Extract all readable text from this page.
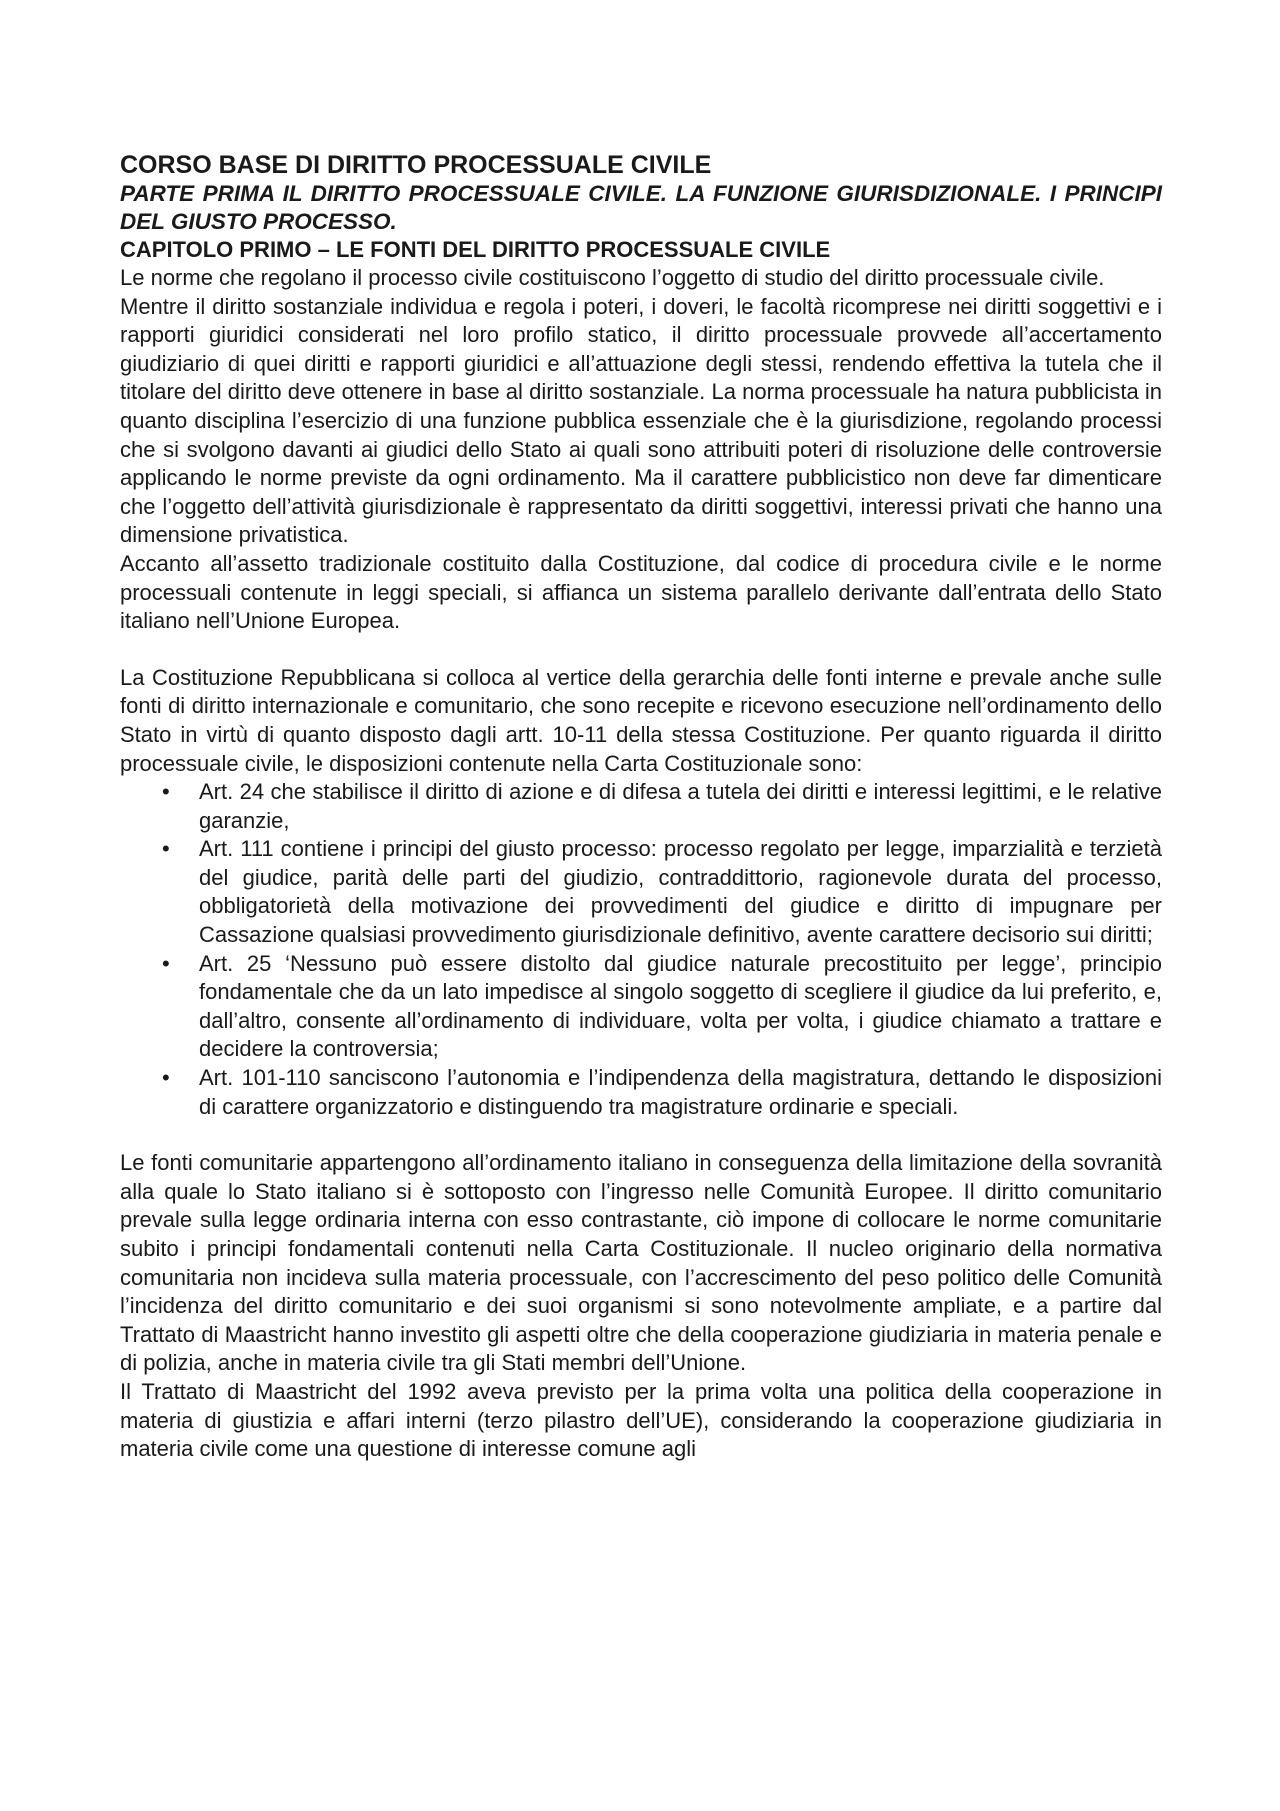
CORSO BASE DI DIRITTO PROCESSUALE CIVILE
PARTE PRIMA IL DIRITTO PROCESSUALE CIVILE. LA FUNZIONE GIURISDIZIONALE. I PRINCIPI DEL GIUSTO PROCESSO.
CAPITOLO PRIMO – LE FONTI DEL DIRITTO PROCESSUALE CIVILE

Le norme che regolano il processo civile costituiscono l’oggetto di studio del diritto processuale civile.

Mentre il diritto sostanziale individua e regola i poteri, i doveri, le facoltà ricomprese nei diritti soggettivi e i rapporti giuridici considerati nel loro profilo statico, il diritto processuale provvede all’accertamento giudiziario di quei diritti e rapporti giuridici e all’attuazione degli stessi, rendendo effettiva la tutela che il titolare del diritto deve ottenere in base al diritto sostanziale. La norma processuale ha natura pubblicista in quanto disciplina l’esercizio di una funzione pubblica essenziale che è la giurisdizione, regolando processi che si svolgono davanti ai giudici dello Stato ai quali sono attribuiti poteri di risoluzione delle controversie applicando le norme previste da ogni ordinamento. Ma il carattere pubblicistico non deve far dimenticare che l’oggetto dell’attività giurisdizionale è rappresentato da diritti soggettivi, interessi privati che hanno una dimensione privatistica.

Accanto all’assetto tradizionale costituito dalla Costituzione, dal codice di procedura civile e le norme processuali contenute in leggi speciali, si affianca un sistema parallelo derivante dall’entrata dello Stato italiano nell’Unione Europea.

La Costituzione Repubblicana si colloca al vertice della gerarchia delle fonti interne e prevale anche sulle fonti di diritto internazionale e comunitario, che sono recepite e ricevono esecuzione nell’ordinamento dello Stato in virtù di quanto disposto dagli artt. 10-11 della stessa Costituzione. Per quanto riguarda il diritto processuale civile, le disposizioni contenute nella Carta Costituzionale sono:

• Art. 24 che stabilisce il diritto di azione e di difesa a tutela dei diritti e interessi legittimi, e le relative garanzie,
• Art. 111 contiene i principi del giusto processo: processo regolato per legge, imparzialità e terzietà del giudice, parità delle parti del giudizio, contraddittorio, ragionevole durata del processo, obbligatorietà della motivazione dei provvedimenti del giudice e diritto di impugnare per Cassazione qualsiasi provvedimento giurisdizionale definitivo, avente carattere decisorio sui diritti;
• Art. 25 ‘Nessuno può essere distolto dal giudice naturale precostituito per legge’, principio fondamentale che da un lato impedisce al singolo soggetto di scegliere il giudice da lui preferito, e, dall’altro, consente all’ordinamento di individuare, volta per volta, i giudice chiamato a trattare e decidere la controversia;
• Art. 101-110 sanciscono l’autonomia e l’indipendenza della magistratura, dettando le disposizioni di carattere organizzatorio e distinguendo tra magistrature ordinarie e speciali.

Le fonti comunitarie appartengono all’ordinamento italiano in conseguenza della limitazione della sovranità alla quale lo Stato italiano si è sottoposto con l’ingresso nelle Comunità Europee. Il diritto comunitario prevale sulla legge ordinaria interna con esso contrastante, ciò impone di collocare le norme comunitarie subito i principi fondamentali contenuti nella Carta Costituzionale. Il nucleo originario della normativa comunitaria non incideva sulla materia processuale, con l’accrescimento del peso politico delle Comunità l’incidenza del diritto comunitario e dei suoi organismi si sono notevolmente ampliate, e a partire dal Trattato di Maastricht hanno investito gli aspetti oltre che della cooperazione giudiziaria in materia penale e di polizia, anche in materia civile tra gli Stati membri dell’Unione.

Il Trattato di Maastricht del 1992 aveva previsto per la prima volta una politica della cooperazione in materia di giustizia e affari interni (terzo pilastro dell’UE), considerando la cooperazione giudiziaria in materia civile come una questione di interesse comune agli
